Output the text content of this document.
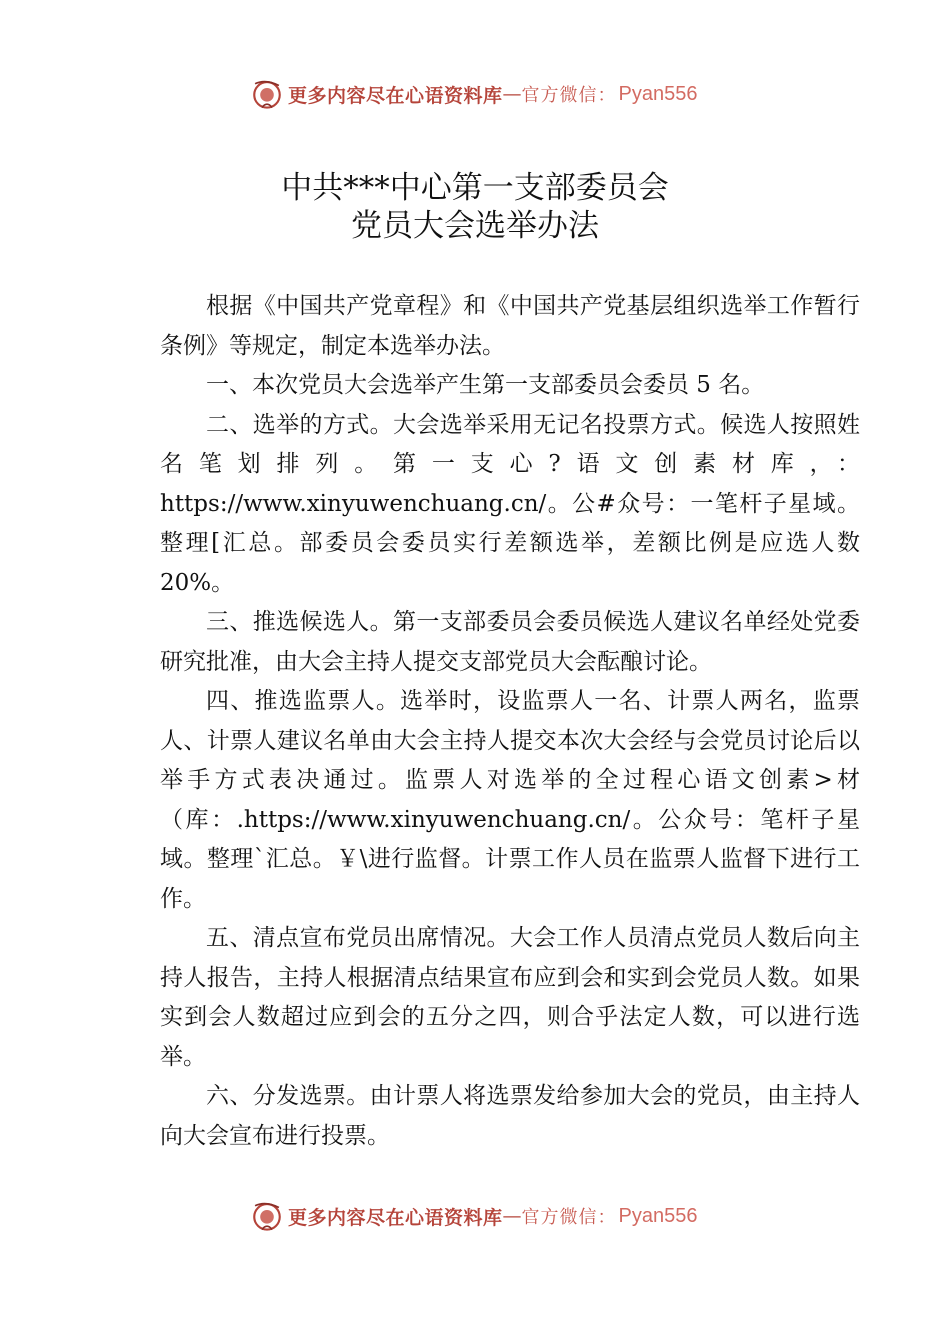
更多内容尽在心语资料库 — 官方微信： Pyan556
中共***中心第一支部委员会
党员大会选举办法

根据《中国共产党章程》和《中国共产党基层组织选举工作暂行条例》等规定，制定本选举办法。

一、本次党员大会选举产生第一支部委员会委员 5 名。

二、选举的方式。大会选举采用无记名投票方式。候选人按照姓名笔划排列。第一支心?语文创素材库，：https://www.xinyuwenchuang.cn/。公#众号：一笔杆子星域。整理[汇总。部委员会委员实行差额选举，差额比例是应选人数20%。

三、推选候选人。第一支部委员会委员候选人建议名单经处党委研究批准，由大会主持人提交支部党员大会酝酿讨论。

四、推选监票人。选举时，设监票人一名、计票人两名，监票人、计票人建议名单由大会主持人提交本次大会经与会党员讨论后以举手方式表决通过。监票人对选举的全过程心语文创素>材（库：.https://www.xinyuwenchuang.cn/。公众号：笔杆子星域。整理`汇总。￥\进行监督。计票工作人员在监票人监督下进行工作。

五、清点宣布党员出席情况。大会工作人员清点党员人数后向主持人报告，主持人根据清点结果宣布应到会和实到会党员人数。如果实到会人数超过应到会的五分之四，则合乎法定人数，可以进行选举。

六、分发选票。由计票人将选票发给参加大会的党员，由主持人向大会宣布进行投票。

更多内容尽在心语资料库 — 官方微信： Pyan556
